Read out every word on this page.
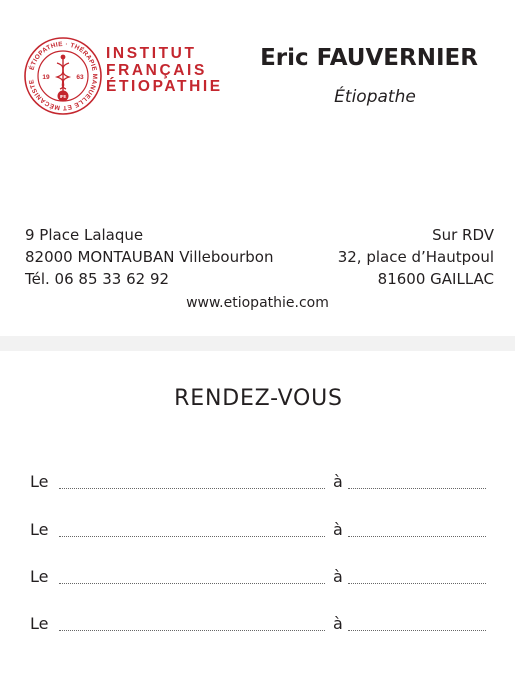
ÉTIOPATHIE · THÉRAPIE MANUELLE ET MÉCANISTE
19	63
IFE
INSTITUT
FRANÇAIS
ÉTIOPATHIE
Eric FAUVERNIER
Étiopathe
9 Place Lalaque
82000 MONTAUBAN Villebourbon
Tél. 06 85 33 62 92
Sur RDV
32, place d’Hautpoul
81600 GAILLAC
www.etiopathie.com
RENDEZ-VOUS
Le	à
Le	à
Le	à
Le	à
